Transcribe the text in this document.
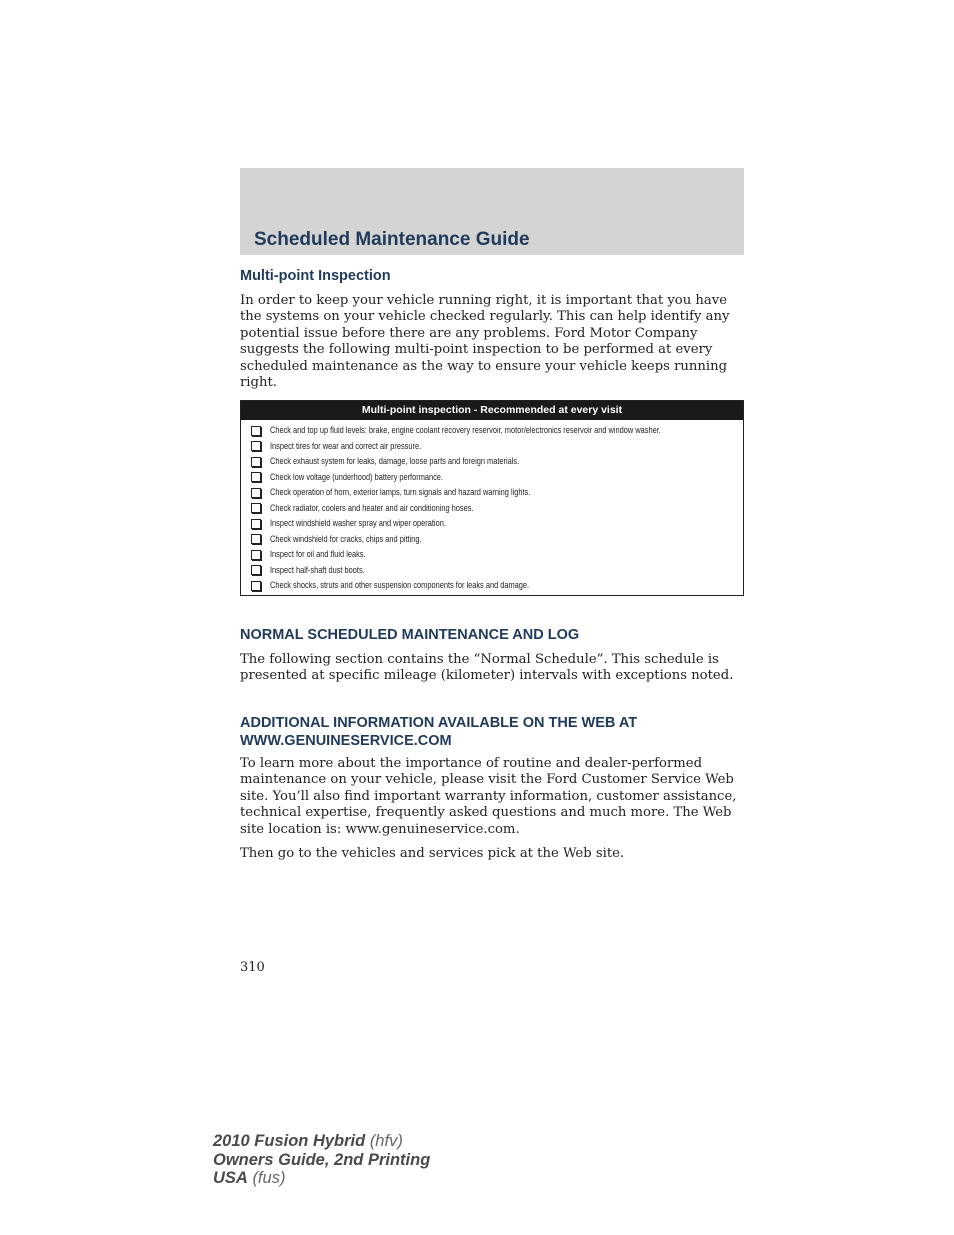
Scheduled Maintenance Guide
Multi-point Inspection

In order to keep your vehicle running right, it is important that you have the systems on your vehicle checked regularly. This can help identify any potential issue before there are any problems. Ford Motor Company suggests the following multi-point inspection to be performed at every scheduled maintenance as the way to ensure your vehicle keeps running right.

Multi-point inspection - Recommended at every visit
Check and top up fluid levels: brake, engine coolant recovery reservoir, motor/electronics reservoir and window washer.
Inspect tires for wear and correct air pressure.
Check exhaust system for leaks, damage, loose parts and foreign materials.
Check low voltage (underhood) battery performance.
Check operation of horn, exterior lamps, turn signals and hazard warning lights.
Check radiator, coolers and heater and air conditioning hoses.
Inspect windshield washer spray and wiper operation.
Check windshield for cracks, chips and pitting.
Inspect for oil and fluid leaks.
Inspect half-shaft dust boots.
Check shocks, struts and other suspension components for leaks and damage.
NORMAL SCHEDULED MAINTENANCE AND LOG

The following section contains the “Normal Schedule”. This schedule is presented at specific mileage (kilometer) intervals with exceptions noted.

ADDITIONAL INFORMATION AVAILABLE ON THE WEB AT
WWW.GENUINESERVICE.COM

To learn more about the importance of routine and dealer-performed maintenance on your vehicle, please visit the Ford Customer Service Web site. You’ll also find important warranty information, customer assistance, technical expertise, frequently asked questions and much more. The Web site location is: www.genuineservice.com.

Then go to the vehicles and services pick at the Web site.

310
2010 Fusion Hybrid (hfv)
Owners Guide, 2nd Printing
USA (fus)
